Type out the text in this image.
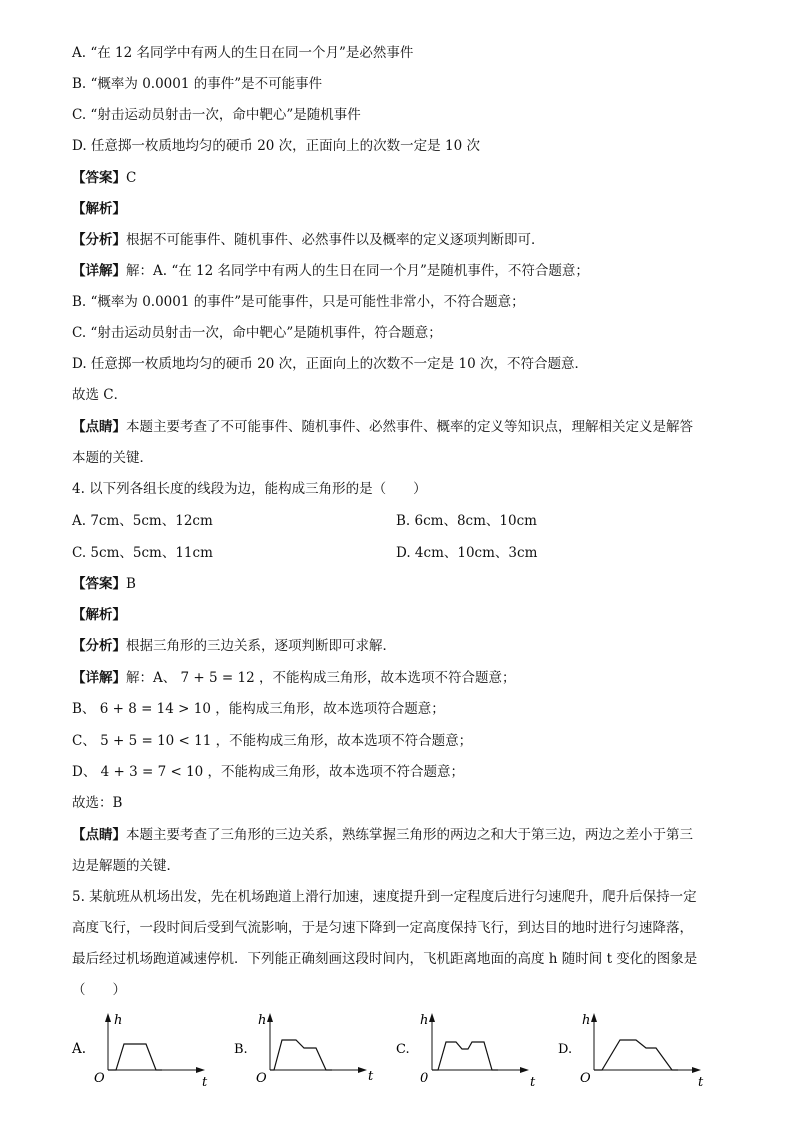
A. “在 12 名同学中有两人的生日在同一个月”是必然事件
B. “概率为 0.0001 的事件”是不可能事件
C. “射击运动员射击一次，命中靶心”是随机事件
D. 任意掷一枚质地均匀的硬币 20 次，正面向上的次数一定是 10 次
【答案】C
【解析】
【分析】根据不可能事件、随机事件、必然事件以及概率的定义逐项判断即可．
【详解】解：A. “在 12 名同学中有两人的生日在同一个月”是随机事件，不符合题意；
B. “概率为 0.0001 的事件”是可能事件，只是可能性非常小，不符合题意；
C. “射击运动员射击一次，命中靶心”是随机事件，符合题意；
D. 任意掷一枚质地均匀的硬币 20 次，正面向上的次数不一定是 10 次，不符合题意．
故选 C．
【点睛】本题主要考查了不可能事件、随机事件、必然事件、概率的定义等知识点，理解相关定义是解答
本题的关键．
4. 以下列各组长度的线段为边，能构成三角形的是（　　）
A. 7cm、5cm、12cm	B. 6cm、8cm、10cm
C. 5cm、5cm、11cm	D. 4cm、10cm、3cm
【答案】B
【解析】
【分析】根据三角形的三边关系，逐项判断即可求解．
【详解】解：A、 7 + 5 = 12 ，不能构成三角形，故本选项不符合题意；
B、 6 + 8 = 14 > 10 ，能构成三角形，故本选项符合题意；
C、 5 + 5 = 10 < 11 ，不能构成三角形，故本选项不符合题意；
D、 4 + 3 = 7 < 10 ，不能构成三角形，故本选项不符合题意；
故选：B
【点睛】本题主要考查了三角形的三边关系，熟练掌握三角形的两边之和大于第三边，两边之差小于第三
边是解题的关键．
5. 某航班从机场出发，先在机场跑道上滑行加速，速度提升到一定程度后进行匀速爬升，爬升后保持一定
高度飞行，一段时间后受到气流影响，于是匀速下降到一定高度保持飞行，到达目的地时进行匀速降落，
最后经过机场跑道减速停机．下列能正确刻画这段时间内，飞机距离地面的高度 h 随时间 t 变化的图象是
（　　）
A.
h
t
O
B.
h
t
O
C.
h
t
0
D.
h
t
O
